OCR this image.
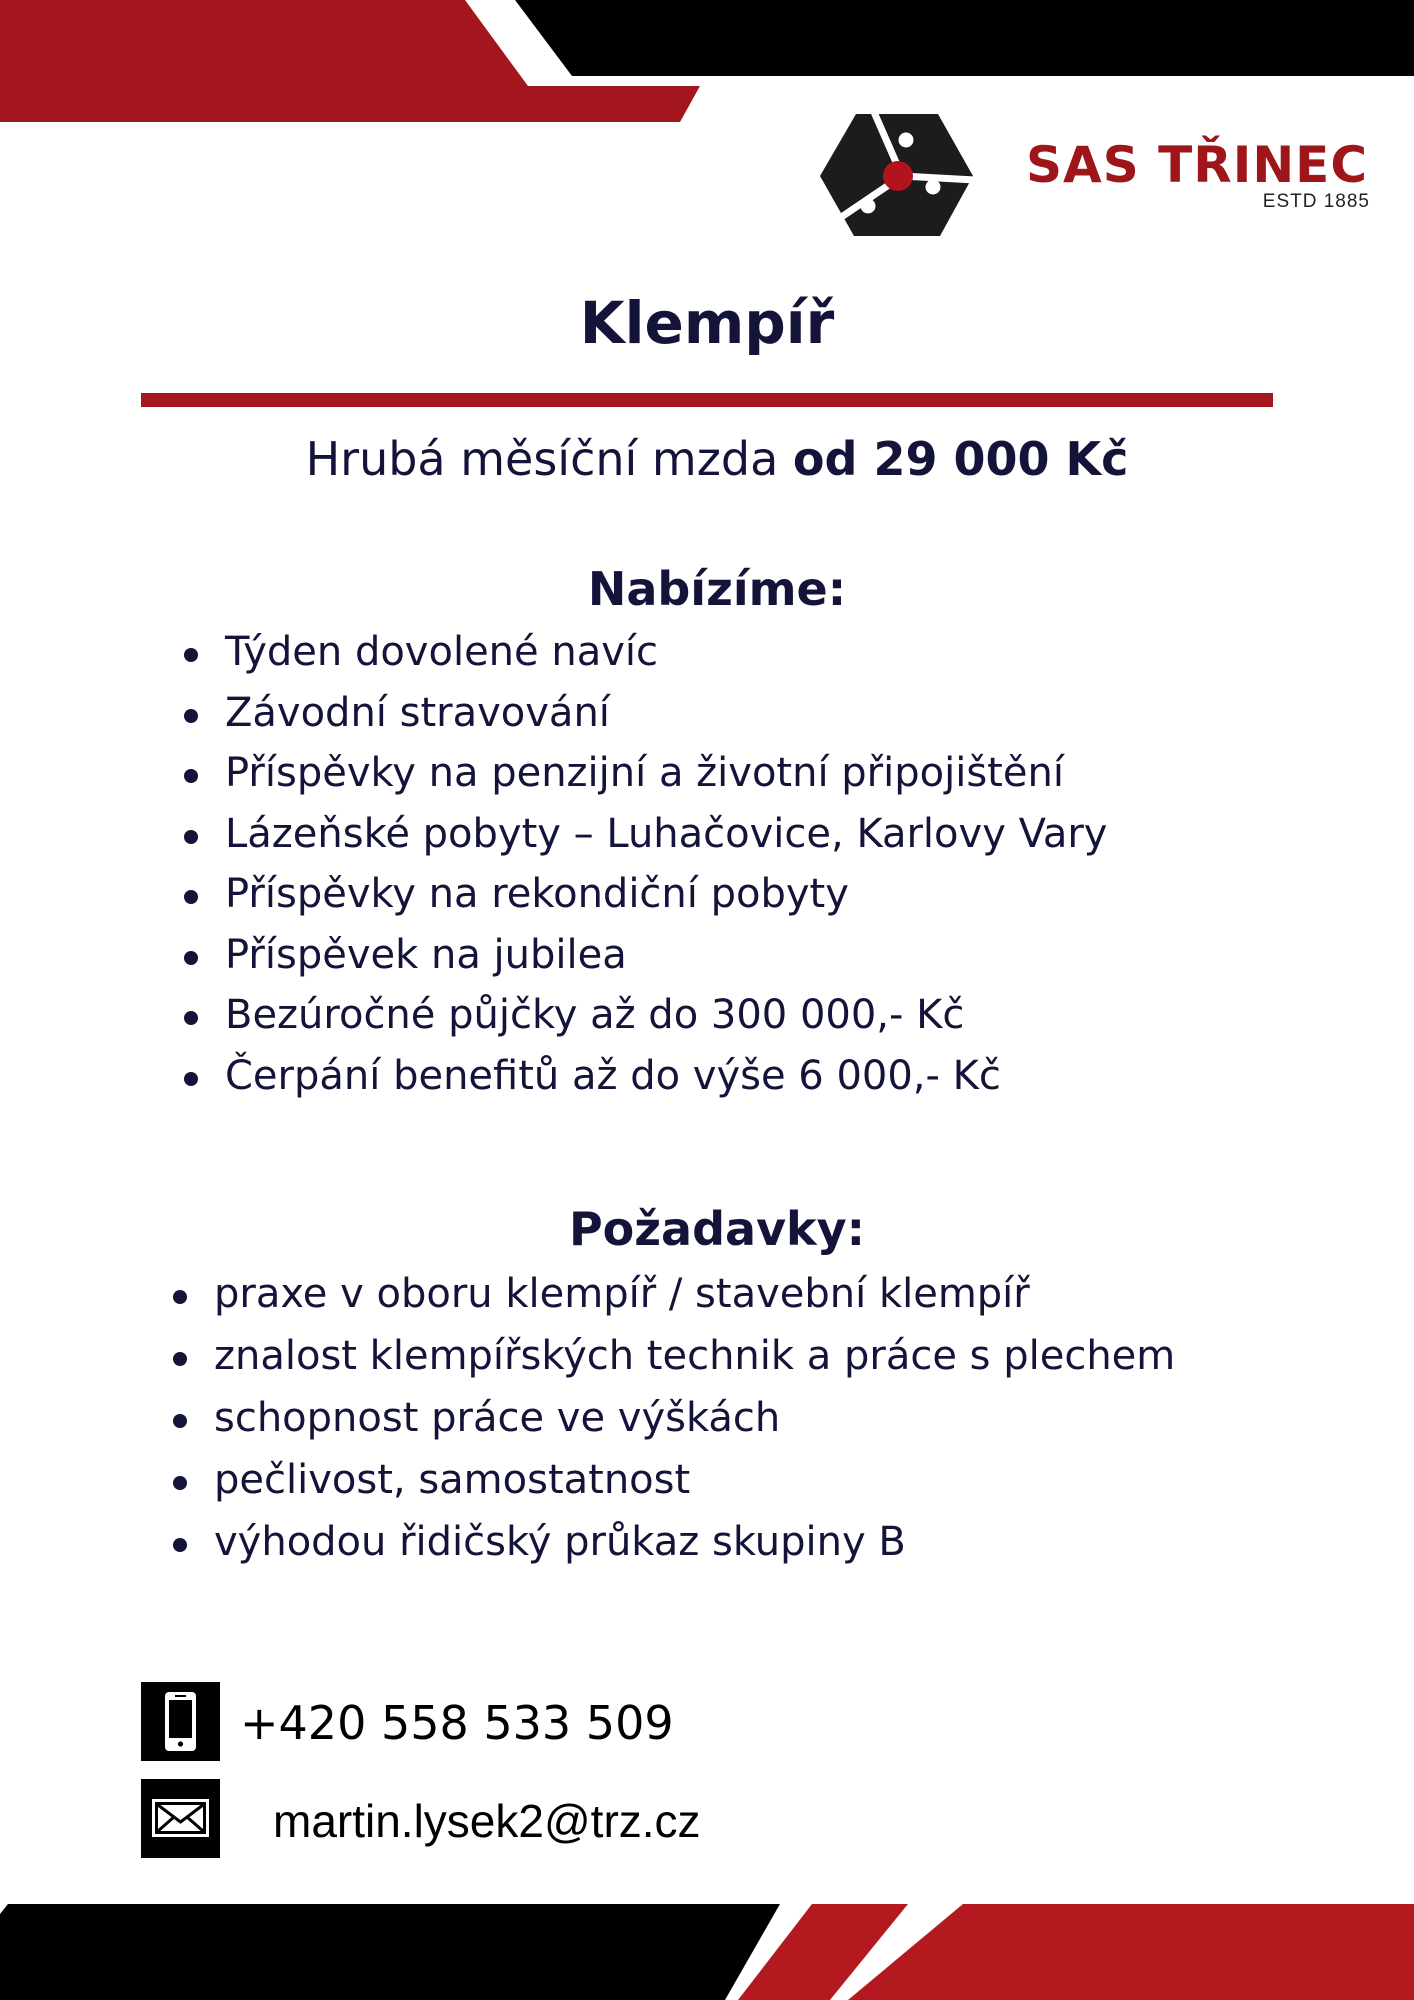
SAS TŘINEC
ESTD 1885
Klempíř
Hrubá měsíční mzda od 29 000 Kč
Nabízíme:
Týden dovolené navíc
Závodní stravování
Příspěvky na penzijní a životní připojištění
Lázeňské pobyty – Luhačovice, Karlovy Vary
Příspěvky na rekondiční pobyty
Příspěvek na jubilea
Bezúročné půjčky až do 300 000,- Kč
Čerpání benefitů až do výše 6 000,- Kč
Požadavky:
praxe v oboru klempíř / stavební klempíř
znalost klempířských technik a práce s plechem
schopnost práce ve výškách
pečlivost, samostatnost
výhodou řidičský průkaz skupiny B
+420 558 533 509
martin.lysek2@trz.cz
